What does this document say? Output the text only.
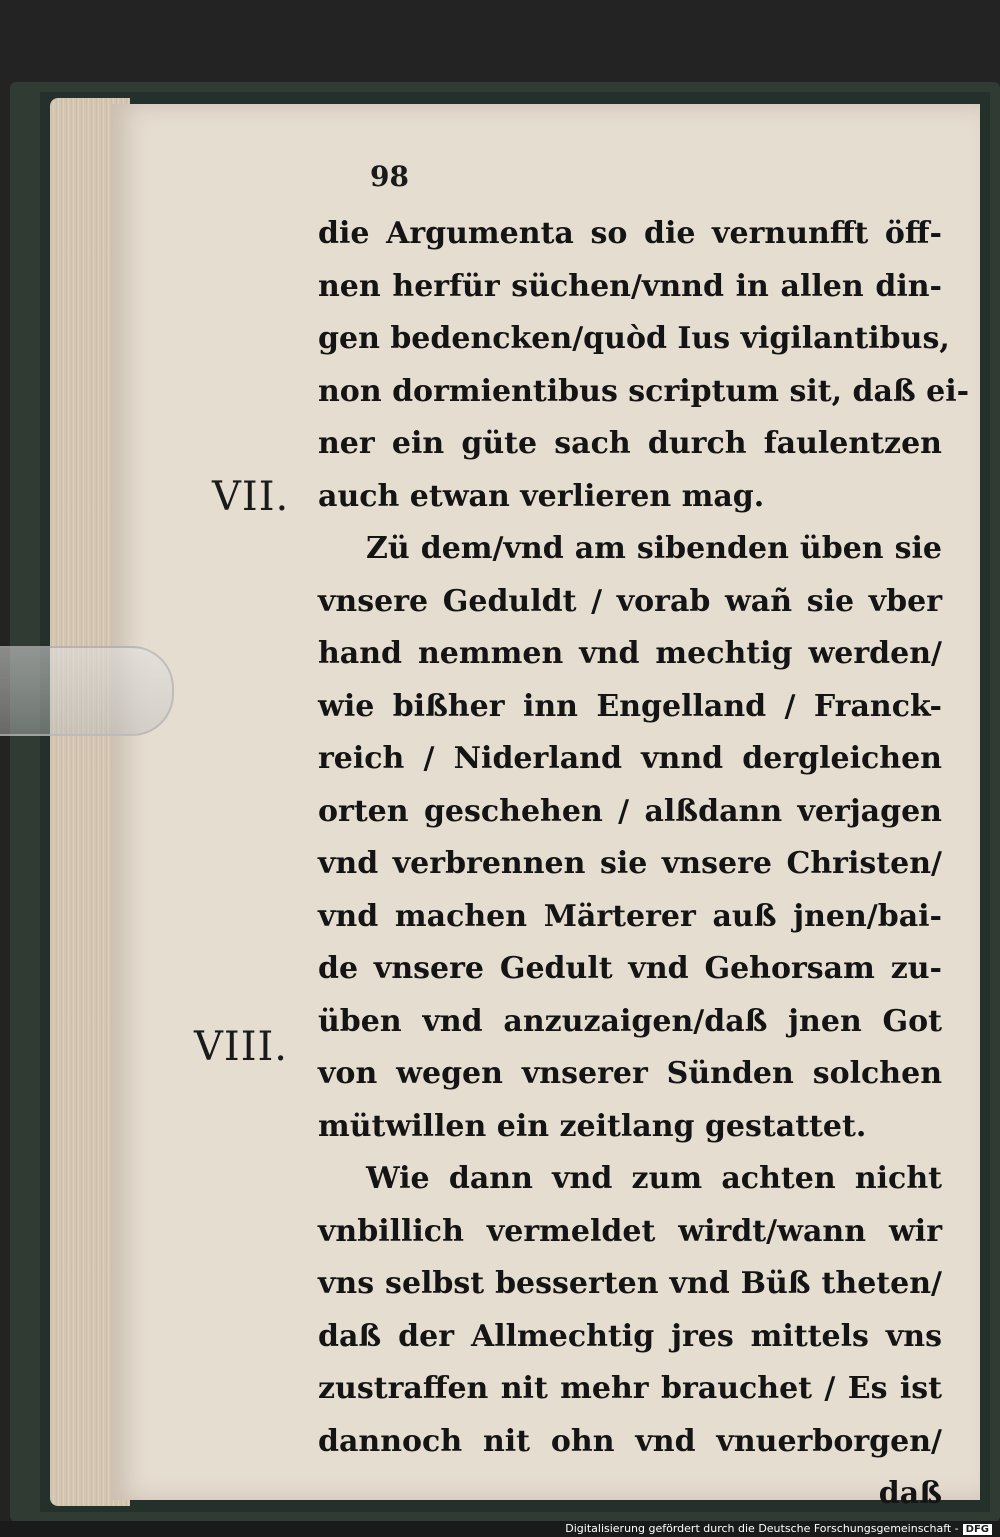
98
VII.
VIII.
die Argumenta so die vernunfft öff-
nen herfür süchen/vnnd in allen din-
gen bedencken/quòd Ius vigilantibus,
non dormientibus scriptum sit, daß ei-
ner ein güte sach durch faulentzen
auch etwan verlieren mag.
Zü dem/vnd am sibenden üben sie
vnsere Geduldt / vorab wañ sie vber
hand nemmen vnd mechtig werden/
wie bißher inn Engelland / Franck-
reich / Niderland vnnd dergleichen
orten geschehen / alßdann verjagen
vnd verbrennen sie vnsere Christen/
vnd machen Märterer auß jnen/bai-
de vnsere Gedult vnd Gehorsam zu-
üben vnd anzuzaigen/daß jnen Got
von wegen vnserer Sünden solchen
mütwillen ein zeitlang gestattet.
Wie dann vnd zum achten nicht
vnbillich vermeldet wirdt/wann wir
vns selbst besserten vnd Büß theten/
daß der Allmechtig jres mittels vns
zustraffen nit mehr brauchet / Es ist
dannoch nit ohn vnd vnuerborgen/
daß
Digitalisierung gefördert durch die Deutsche Forschungsgemeinschaft - DFG
